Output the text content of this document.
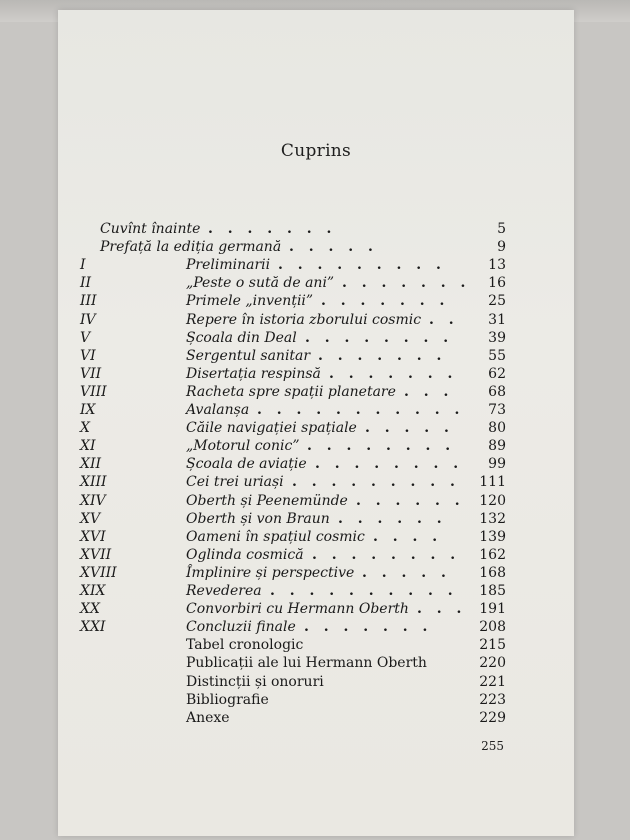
Cuprins
Cuvînt înainte . . . . . . .	5
Prefață la ediția germană . . . . .	9
I	Preliminarii . . . . . . . . .	13
II	„Peste o sută de ani” . . . . . . . 16
III	Primele „invenții” . . . . . . .	25
IV	Repere în istoria zborului cosmic . . 31
V	Școala din Deal . . . . . . . .	39
VI	Sergentul sanitar . . . . . . .	55
VII	Disertația respinsă . . . . . . . 62
VIII	Racheta spre spații planetare . . . 68
IX	Avalanșa . . . . . . . . . . . 73
X	Căile navigației spațiale . . . . . 80
XI	„Motorul conic” . . . . . . . . 89
XII	Școala de aviație . . . . . . . . 99
XIII	Cei trei uriași . . . . . . . . . 111
XIV	Oberth și Peenemünde . . . . . . 120
XV	Oberth și von Braun . . . . . . 132
XVI	Oameni în spațiul cosmic . . . .	139
XVII	Oglinda cosmică . . . . . . . . 162
XVIII	Împlinire și perspective . . . . . 168
XIX	Revederea . . . . . . . . . . 185
XX	Convorbiri cu Hermann Oberth . . . 191
XXI	Concluzii finale . . . . . . .	208
Tabel cronologic	215
Publicații ale lui Hermann Oberth	220
Distincții și onoruri	221
Bibliografie	223
Anexe	229
255
